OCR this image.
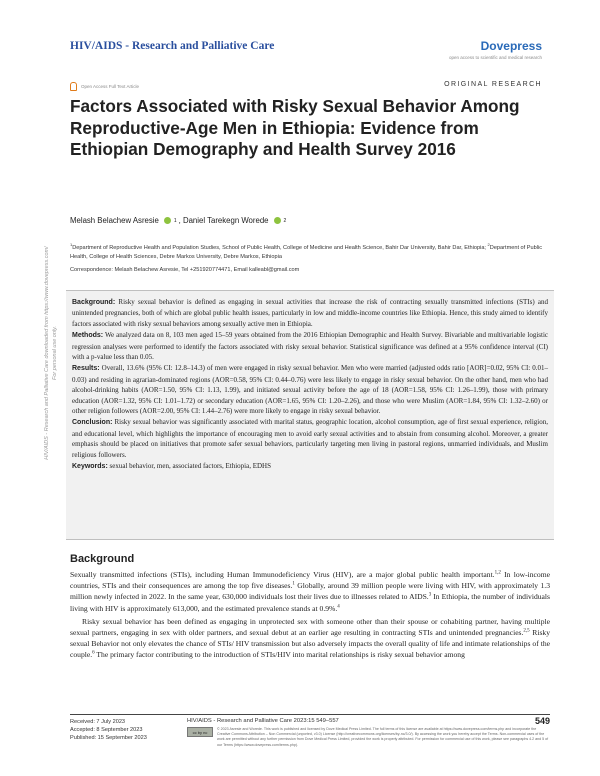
HIV/AIDS - Research and Palliative Care	Dovepress
open access to scientific and medical research
Open Access Full Text Article	ORIGINAL RESEARCH
Factors Associated with Risky Sexual Behavior Among Reproductive-Age Men in Ethiopia: Evidence from Ethiopian Demography and Health Survey 2016
Melash Belachew Asresie	1 , Daniel Tarekegn Worede	2
$^1$Department of Reproductive Health and Population Studies, School of Public Health, College of Medicine and Health Science, Bahir Dar University, Bahir Dar, Ethiopia; $^2$Department of Public Health, College of Health Sciences, Debre Markos University, Debre Markos, Ethiopia
Correspondence: Melash Belachew Asresie, Tel +251920774471, Email kalleabl@gmail.com
HIV/AIDS - Research and Palliative Care downloaded from https://www.dovepress.com/ For personal use only.

Background: Risky sexual behavior is defined as engaging in sexual activities that increase the risk of contracting sexually transmitted infections (STIs) and unintended pregnancies, both of which are global public health issues, particularly in low and middle-income countries like Ethiopia. Hence, this study aimed to identify factors associated with risky sexual behaviors among sexually active men in Ethiopia.

Methods: We analyzed data on 8, 103 men aged 15–59 years obtained from the 2016 Ethiopian Demographic and Health Survey. Bivariable and multivariable logistic regression analyses were performed to identify the factors associated with risky sexual behavior. Statistical significance was defined at a 95% confidence interval (CI) with a p-value less than 0.05.

Results: Overall, 13.6% (95% CI: 12.8–14.3) of men were engaged in risky sexual behavior. Men who were married (adjusted odds ratio [AOR]=0.02, 95% CI: 0.01–0.03) and residing in agrarian-dominated regions (AOR=0.58, 95% CI: 0.44–0.76) were less likely to engage in risky sexual behavior. On the other hand, men who had alcohol-drinking habits (AOR=1.50, 95% CI: 1.13, 1.99), and initiated sexual activity before the age of 18 (AOR=1.58, 95% CI: 1.26–1.99), those with primary education (AOR=1.32, 95% CI: 1.01–1.72) or secondary education (AOR=1.65, 95% CI: 1.20–2.26), and those who were Muslim (AOR=1.84, 95% CI: 1.32–2.60) or other religion followers (AOR=2.00, 95% CI: 1.44–2.76) were more likely to engage in risky sexual behavior.

Conclusion: Risky sexual behavior was significantly associated with marital status, geographic location, alcohol consumption, age of first sexual experience, religion, and educational level, which highlights the importance of encouraging men to avoid early sexual activities and to abstain from consuming alcohol. Moreover, a greater emphasis should be placed on initiatives that promote safer sexual behaviors, particularly targeting men living in pastoral regions, unmarried individuals, and Muslim religious followers.

Keywords: sexual behavior, men, associated factors, Ethiopia, EDHS

Background

Sexually transmitted infections (STIs), including Human Immunodeficiency Virus (HIV), are a major global public health important.$^{1,2}$ In low-income countries, STIs and their consequences are among the top five diseases.$^1$ Globally, around 39 million people were living with HIV, with approximately 1.3 million newly infected in 2022. In the same year, 630,000 individuals lost their lives due to illnesses related to AIDS.$^3$ In Ethiopia, the number of individuals living with HIV is approximately 613,000, and the estimated prevalence stands at 0.9%.$^4$

Risky sexual behavior has been defined as engaging in unprotected sex with someone other than their spouse or cohabiting partner, having multiple sexual partners, engaging in sex with older partners, and sexual debut at an earlier age resulting in contracting STIs and unintended pregnancies.$^{2,5}$ Risky sexual Behavior not only elevates the chance of STIs/ HIV transmission but also adversely impacts the overall quality of life and intimate relationships of the couple.$^6$ The primary factor contributing to the introduction of STIs/HIV into marital relationships is risky sexual behavior among

Received: 7 July 2023
Accepted: 8 September 2023
Published: 15 September 2023
HIV/AIDS - Research and Palliative Care 2023:15 549–557	549
cc by nc
© 2023 Asresie and Worede. This work is published and licensed by Dove Medical Press Limited. The full terms of this license are available at https://www.dovepress.com/terms.php and incorporate the Creative Commons Attribution – Non Commercial (unported, v3.0) License (http://creativecommons.org/licenses/by-nc/3.0/). By accessing the work you hereby accept the Terms. Non-commercial uses of the work are permitted without any further permission from Dove Medical Press Limited, provided the work is properly attributed. For permission for commercial use of this work, please see paragraphs 4.2 and 5 of our Terms (https://www.dovepress.com/terms.php).
